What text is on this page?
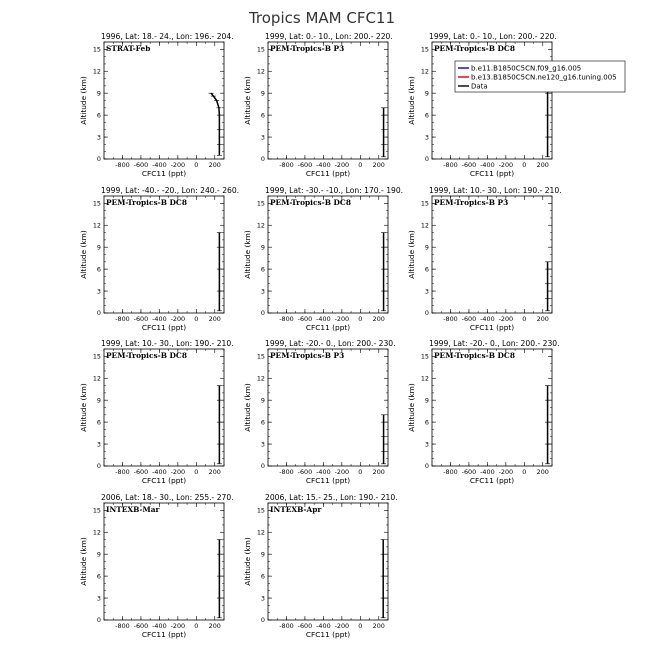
Tropics MAM CFC11
1996, Lat: 18.- 24., Lon: 196.- 204.
STRAT-Feb
-800 -600 -400 -200 0 200
0
3
6
9
12
15
CFC11 (ppt)
Altitude (km)
1999, Lat: 0.- 10., Lon: 200.- 220.
PEM-Tropics-B P3
-800 -600 -400 -200 0 200
0
3
6
9
12
15
CFC11 (ppt)
Altitude (km)
1999, Lat: 0.- 10., Lon: 200.- 220.
PEM-Tropics-B DC8
-800 -600 -400 -200 0 200
0
3
6
9
12
15
CFC11 (ppt)
Altitude (km)
b.e11.B1850C5CN.f09_g16.005
b.e13.B1850C5CN.ne120_g16.tuning.005
Data
1999, Lat: -40.- -20., Lon: 240.- 260.
PEM-Tropics-B DC8
-800 -600 -400 -200 0 200
0
3
6
9
12
15
CFC11 (ppt)
Altitude (km)
1999, Lat: -30.- -10., Lon: 170.- 190.
PEM-Tropics-B DC8
-800 -600 -400 -200 0 200
0
3
6
9
12
15
CFC11 (ppt)
Altitude (km)
1999, Lat: 10.- 30., Lon: 190.- 210.
PEM-Tropics-B P3
-800 -600 -400 -200 0 200
0
3
6
9
12
15
CFC11 (ppt)
Altitude (km)
1999, Lat: 10.- 30., Lon: 190.- 210.
PEM-Tropics-B DC8
-800 -600 -400 -200 0 200
0
3
6
9
12
15
CFC11 (ppt)
Altitude (km)
1999, Lat: -20.- 0., Lon: 200.- 230.
PEM-Tropics-B P3
-800 -600 -400 -200 0 200
0
3
6
9
12
15
CFC11 (ppt)
Altitude (km)
1999, Lat: -20.- 0., Lon: 200.- 230.
PEM-Tropics-B DC8
-800 -600 -400 -200 0 200
0
3
6
9
12
15
CFC11 (ppt)
Altitude (km)
2006, Lat: 18.- 30., Lon: 255.- 270.
INTEXB-Mar
-800 -600 -400 -200 0 200
0
3
6
9
12
15
CFC11 (ppt)
Altitude (km)
2006, Lat: 15.- 25., Lon: 190.- 210.
INTEXB-Apr
-800 -600 -400 -200 0 200
0
3
6
9
12
15
CFC11 (ppt)
Altitude (km)
